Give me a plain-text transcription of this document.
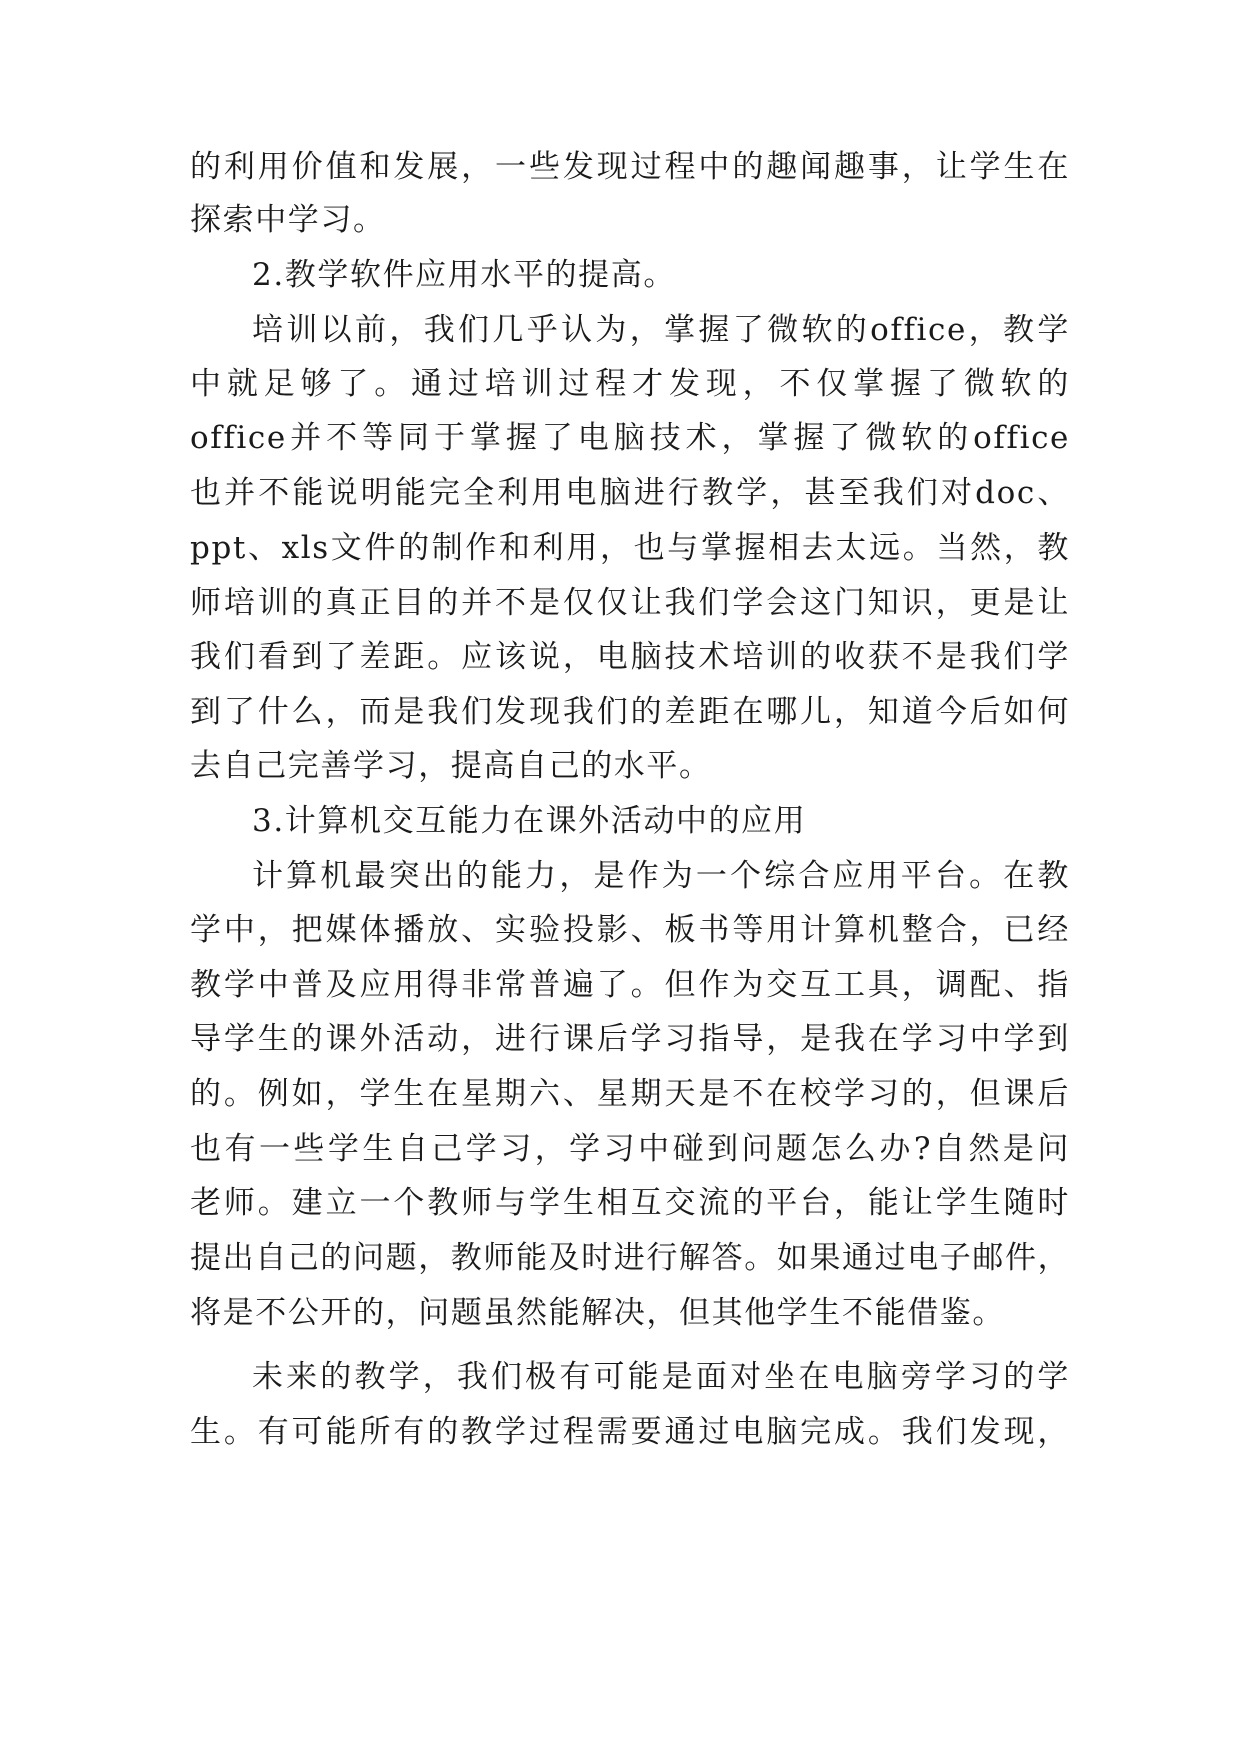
的利用价值和发展，一些发现过程中的趣闻趣事，让学生在
探索中学习。
2.教学软件应用水平的提高。
培训以前，我们几乎认为，掌握了微软的office，教学
中就足够了。通过培训过程才发现，不仅掌握了微软的
office并不等同于掌握了电脑技术，掌握了微软的office
也并不能说明能完全利用电脑进行教学，甚至我们对doc、
ppt、xls文件的制作和利用，也与掌握相去太远。当然，教
师培训的真正目的并不是仅仅让我们学会这门知识，更是让
我们看到了差距。应该说，电脑技术培训的收获不是我们学
到了什么，而是我们发现我们的差距在哪儿，知道今后如何
去自己完善学习，提高自己的水平。
3.计算机交互能力在课外活动中的应用
计算机最突出的能力，是作为一个综合应用平台。在教
学中，把媒体播放、实验投影、板书等用计算机整合，已经
教学中普及应用得非常普遍了。但作为交互工具，调配、指
导学生的课外活动，进行课后学习指导，是我在学习中学到
的。例如，学生在星期六、星期天是不在校学习的，但课后
也有一些学生自己学习，学习中碰到问题怎么办?自然是问
老师。建立一个教师与学生相互交流的平台，能让学生随时
提出自己的问题，教师能及时进行解答。如果通过电子邮件，
将是不公开的，问题虽然能解决，但其他学生不能借鉴。
未来的教学，我们极有可能是面对坐在电脑旁学习的学
生。有可能所有的教学过程需要通过电脑完成。我们发现，
